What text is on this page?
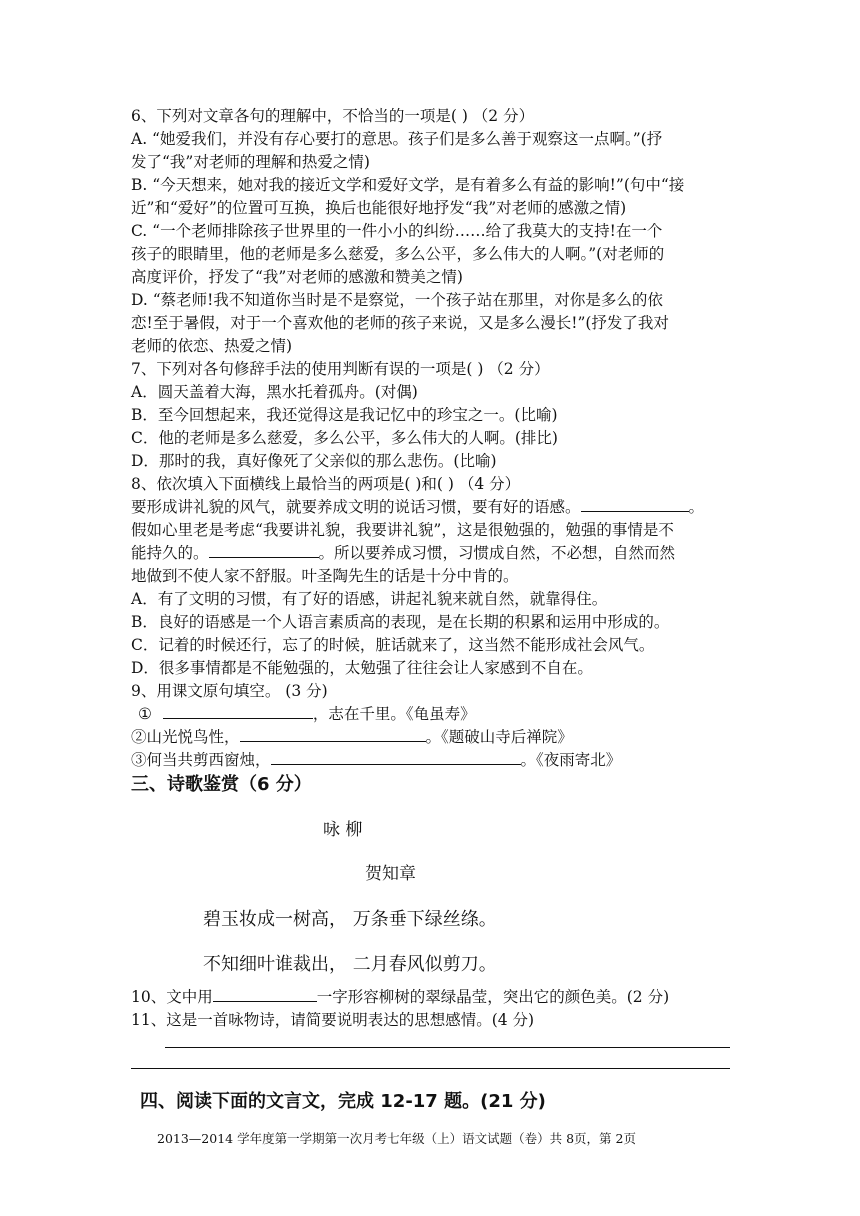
6、下列对文章各句的理解中，不恰当的一项是( ) （2 分）
A. “她爱我们，并没有存心要打的意思。孩子们是多么善于观察这一点啊。”(抒
发了“我”对老师的理解和热爱之情)
B. “今天想来，她对我的接近文学和爱好文学，是有着多么有益的影响!”(句中“接
近”和“爱好”的位置可互换，换后也能很好地抒发“我”对老师的感激之情)
C. “一个老师排除孩子世界里的一件小小的纠纷……给了我莫大的支持!在一个
孩子的眼睛里，他的老师是多么慈爱，多么公平，多么伟大的人啊。”(对老师的
高度评价，抒发了“我”对老师的感激和赞美之情)
D. “蔡老师!我不知道你当时是不是察觉，一个孩子站在那里，对你是多么的依
恋!至于暑假，对于一个喜欢他的老师的孩子来说，又是多么漫长!”(抒发了我对
老师的依恋、热爱之情)
7、下列对各句修辞手法的使用判断有误的一项是( ) （2 分）
A．圆天盖着大海，黑水托着孤舟。(对偶)
B．至今回想起来，我还觉得这是我记忆中的珍宝之一。(比喻)
C．他的老师是多么慈爱，多么公平，多么伟大的人啊。(排比)
D．那时的我，真好像死了父亲似的那么悲伤。(比喻)
8、依次填入下面横线上最恰当的两项是( )和( ) （4 分）
要形成讲礼貌的风气，就要养成文明的说话习惯，要有好的语感。	。
假如心里老是考虑“我要讲礼貌，我要讲礼貌”，这是很勉强的，勉强的事情是不
能持久的。	。所以要养成习惯，习惯成自然，不必想，自然而然
地做到不使人家不舒服。叶圣陶先生的话是十分中肯的。
A．有了文明的习惯，有了好的语感，讲起礼貌来就自然，就靠得住。
B．良好的语感是一个人语言素质高的表现，是在长期的积累和运用中形成的。
C．记着的时候还行，忘了的时候，脏话就来了，这当然不能形成社会风气。
D．很多事情都是不能勉强的，太勉强了往往会让人家感到不自在。
9、用课文原句填空。 (3 分)
①	，志在千里。《龟虽寿》
②山光悦鸟性，	。《题破山寺后禅院》
③何当共剪西窗烛，	。《夜雨寄北》
三、诗歌鉴赏（6 分）
咏 柳
贺知章
碧玉妆成一树高， 万条垂下绿丝绦。
不知细叶谁裁出， 二月春风似剪刀。
10、文中用	一字形容柳树的翠绿晶莹，突出它的颜色美。(2 分)
11、这是一首咏物诗，请简要说明表达的思想感情。(4 分)
四、阅读下面的文言文，完成 12-17 题。(21 分)
2013—2014 学年度第一学期第一次月考七年级（上）语文试题（卷）共 8页，第 2页
